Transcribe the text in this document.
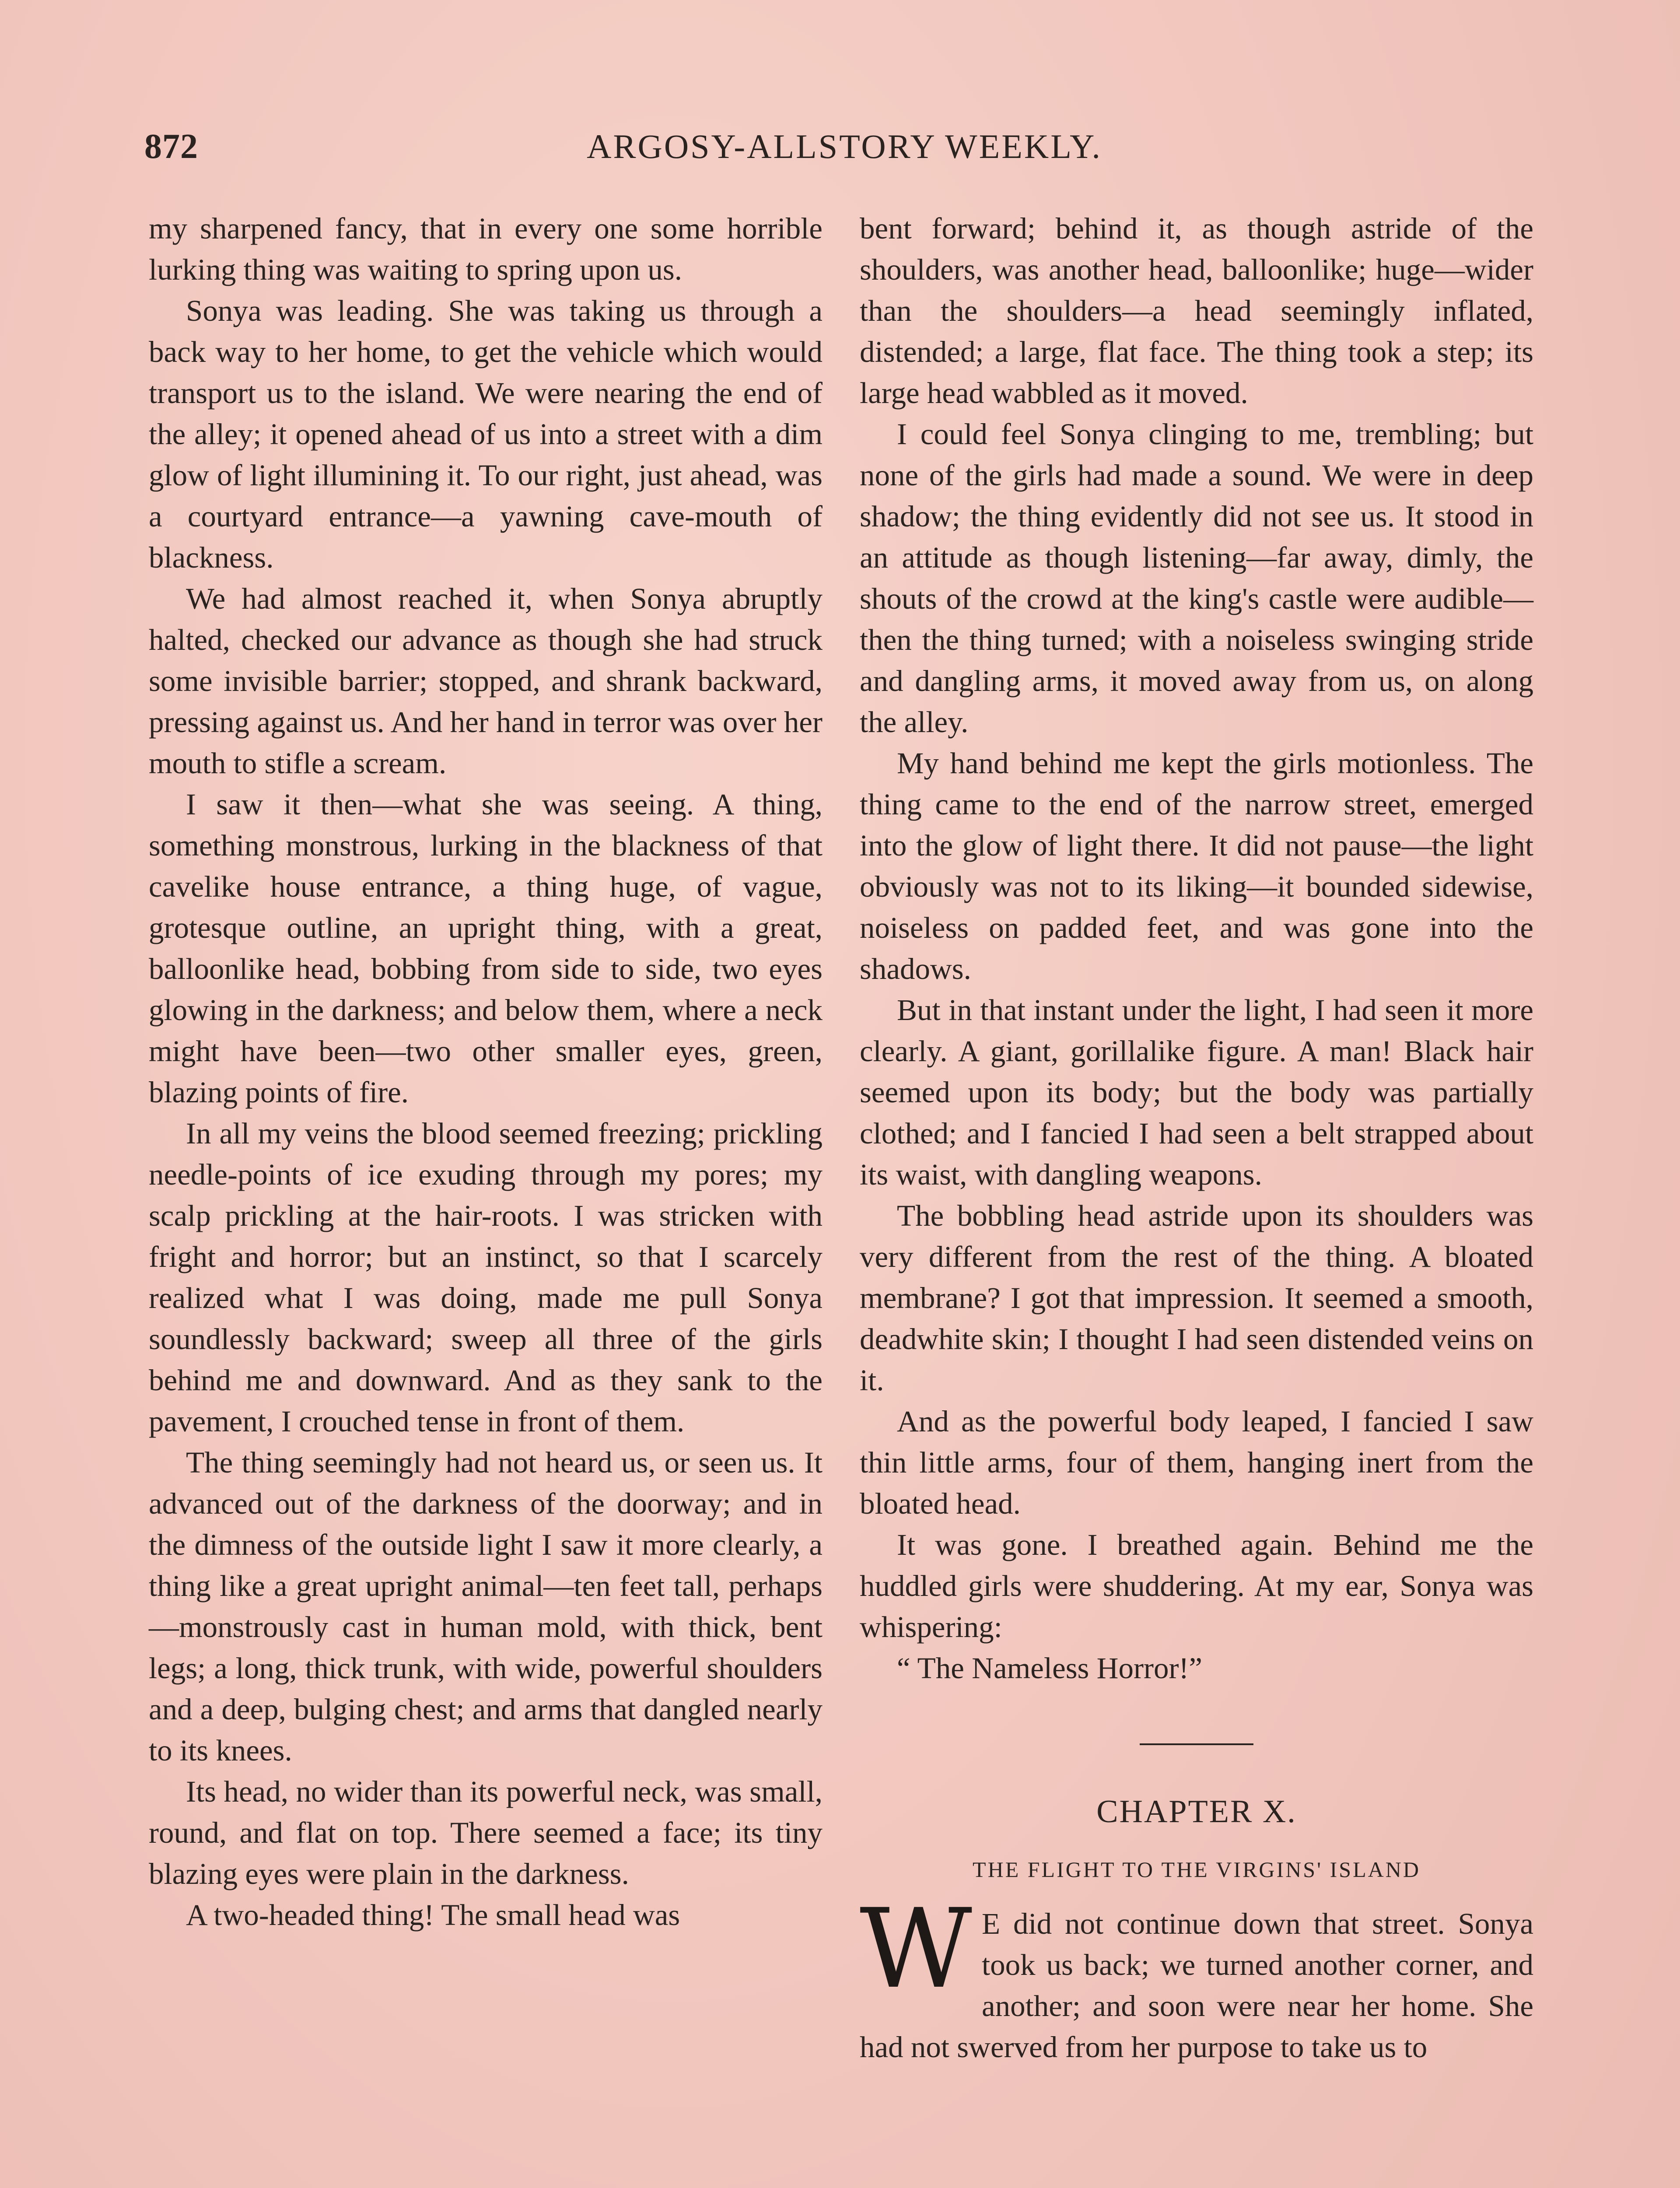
872	ARGOSY-ALLSTORY WEEKLY.

my sharpened fancy, that in every one some horrible lurking thing was waiting to spring upon us.

Sonya was leading. She was taking us through a back way to her home, to get the vehicle which would transport us to the island. We were nearing the end of the alley; it opened ahead of us into a street with a dim glow of light illumining it. To our right, just ahead, was a courtyard entrance—a yawning cave-mouth of blackness.

We had almost reached it, when Sonya abruptly halted, checked our advance as though she had struck some invisible barrier; stopped, and shrank backward, pressing against us. And her hand in terror was over her mouth to stifle a scream.

I saw it then—what she was seeing. A thing, something monstrous, lurking in the blackness of that cavelike house entrance, a thing huge, of vague, grotesque outline, an upright thing, with a great, balloonlike head, bobbing from side to side, two eyes glowing in the darkness; and below them, where a neck might have been—two other smaller eyes, green, blazing points of fire.

In all my veins the blood seemed freezing; prickling needle-points of ice exuding through my pores; my scalp prickling at the hair-roots. I was stricken with fright and horror; but an instinct, so that I scarcely realized what I was doing, made me pull Sonya soundlessly backward; sweep all three of the girls behind me and downward. And as they sank to the pavement, I crouched tense in front of them.

The thing seemingly had not heard us, or seen us. It advanced out of the darkness of the doorway; and in the dimness of the outside light I saw it more clearly, a thing like a great upright animal—ten feet tall, perhaps—monstrously cast in human mold, with thick, bent legs; a long, thick trunk, with wide, powerful shoulders and a deep, bulging chest; and arms that dangled nearly to its knees.

Its head, no wider than its powerful neck, was small, round, and flat on top. There seemed a face; its tiny blazing eyes were plain in the darkness.

A two-headed thing! The small head was

bent forward; behind it, as though astride of the shoulders, was another head, balloonlike; huge—wider than the shoulders—a head seemingly inflated, distended; a large, flat face. The thing took a step; its large head wabbled as it moved.

I could feel Sonya clinging to me, trembling; but none of the girls had made a sound. We were in deep shadow; the thing evidently did not see us. It stood in an attitude as though listening—far away, dimly, the shouts of the crowd at the king's castle were audible—then the thing turned; with a noiseless swinging stride and dangling arms, it moved away from us, on along the alley.

My hand behind me kept the girls motionless. The thing came to the end of the narrow street, emerged into the glow of light there. It did not pause—the light obviously was not to its liking—it bounded sidewise, noiseless on padded feet, and was gone into the shadows.

But in that instant under the light, I had seen it more clearly. A giant, gorillalike figure. A man! Black hair seemed upon its body; but the body was partially clothed; and I fancied I had seen a belt strapped about its waist, with dangling weapons.

The bobbling head astride upon its shoulders was very different from the rest of the thing. A bloated membrane? I got that impression. It seemed a smooth, deadwhite skin; I thought I had seen distended veins on it.

And as the powerful body leaped, I fancied I saw thin little arms, four of them, hanging inert from the bloated head.

It was gone. I breathed again. Behind me the huddled girls were shuddering. At my ear, Sonya was whispering:

“ The Nameless Horror!”

CHAPTER X.
THE FLIGHT TO THE VIRGINS' ISLAND

W E did not continue down that street. Sonya took us back; we turned another corner, and another; and soon were near her home. She had not swerved from her purpose to take us to
